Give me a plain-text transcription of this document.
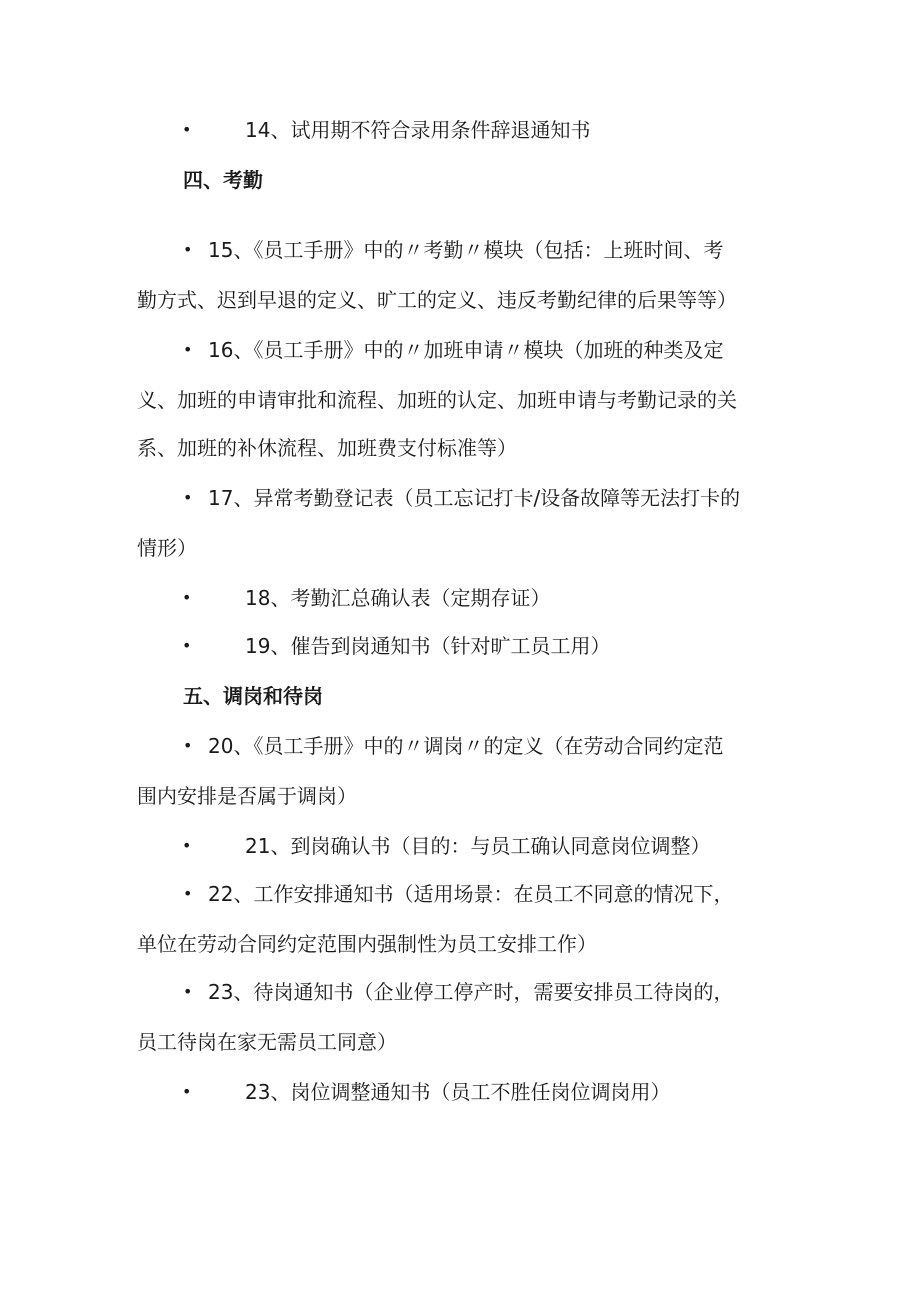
•	14、试用期不符合录用条件辞退通知书
四、考勤
• 15、《员工手册》中的〃考勤〃模块（包括：上班时间、考
勤方式、迟到早退的定义、旷工的定义、违反考勤纪律的后果等等）
• 16、《员工手册》中的〃加班申请〃模块（加班的种类及定
义、加班的申请审批和流程、加班的认定、加班申请与考勤记录的关
系、加班的补休流程、加班费支付标准等）
• 17、异常考勤登记表（员工忘记打卡/设备故障等无法打卡的
情形）
•	18、考勤汇总确认表（定期存证）
•	19、催告到岗通知书（针对旷工员工用）
五、调岗和待岗
• 20、《员工手册》中的〃调岗〃的定义（在劳动合同约定范
围内安排是否属于调岗）
•	21、到岗确认书（目的：与员工确认同意岗位调整）
• 22、工作安排通知书（适用场景：在员工不同意的情况下，
单位在劳动合同约定范围内强制性为员工安排工作）
• 23、待岗通知书（企业停工停产时，需要安排员工待岗的，
员工待岗在家无需员工同意）
•	23、岗位调整通知书（员工不胜任岗位调岗用）
